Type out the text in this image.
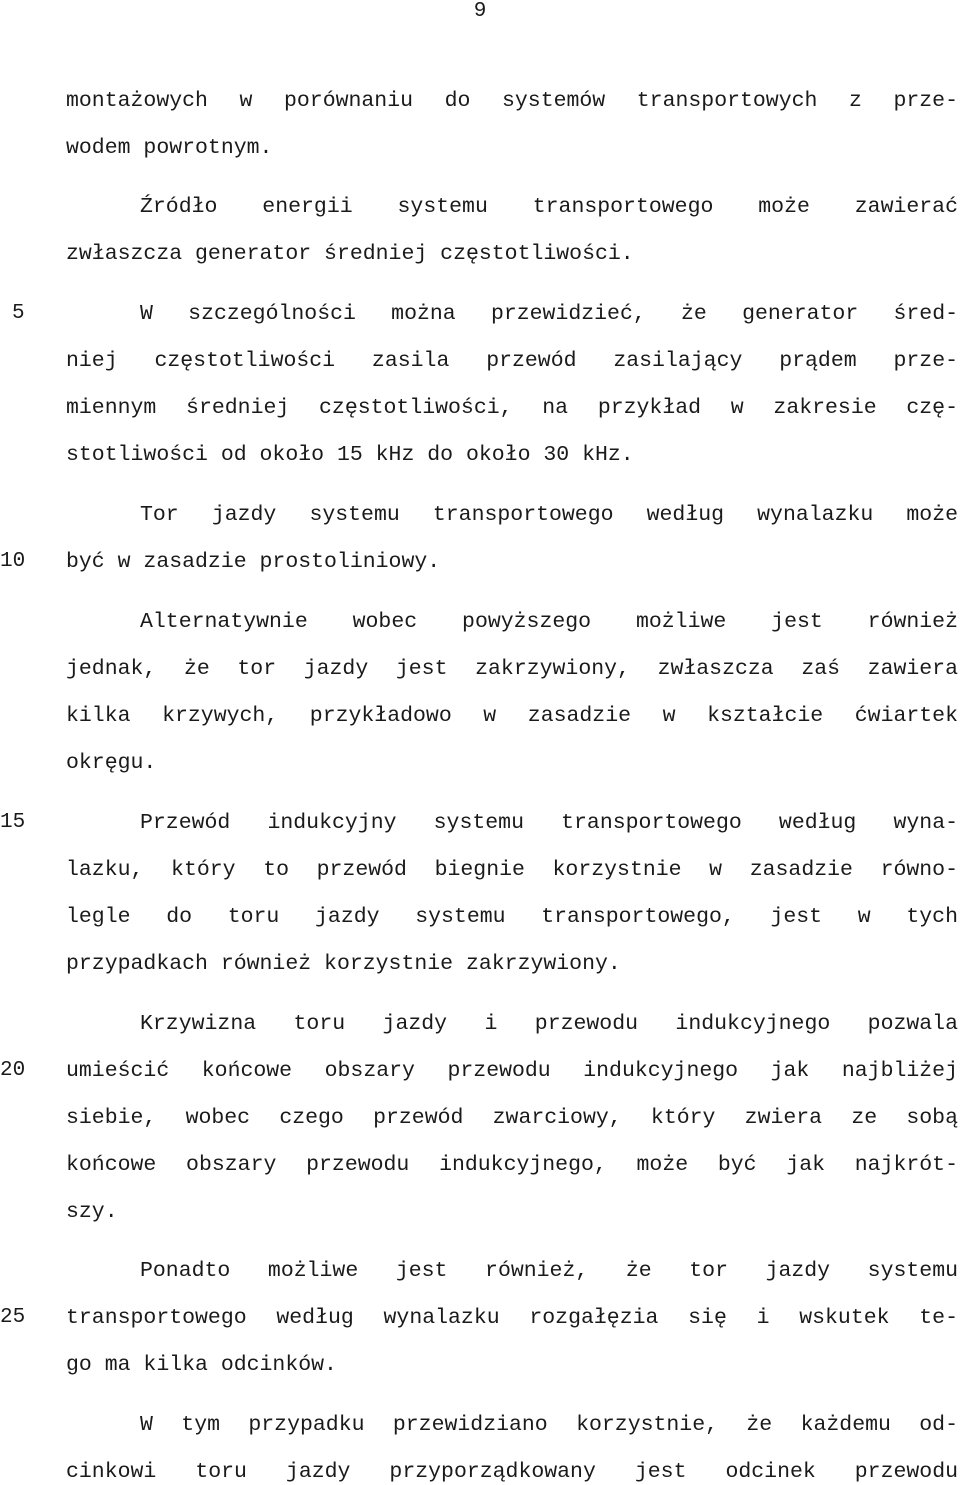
9
5
10
15
20
25

montażowych w porównaniu do systemów transportowych z prze-

wodem powrotnym.

Źródło energii systemu transportowego może zawierać

zwłaszcza generator średniej częstotliwości.

W szczególności można przewidzieć, że generator śred-

niej częstotliwości zasila przewód zasilający prądem prze-

miennym średniej częstotliwości, na przykład w zakresie czę-

stotliwości od około 15 kHz do około 30 kHz.

Tor jazdy systemu transportowego według wynalazku może

być w zasadzie prostoliniowy.

Alternatywnie wobec powyższego możliwe jest również

jednak, że tor jazdy jest zakrzywiony, zwłaszcza zaś zawiera

kilka krzywych, przykładowo w zasadzie w kształcie ćwiartek

okręgu.

Przewód indukcyjny systemu transportowego według wyna-

lazku, który to przewód biegnie korzystnie w zasadzie równo-

legle do toru jazdy systemu transportowego, jest w tych

przypadkach również korzystnie zakrzywiony.

Krzywizna toru jazdy i przewodu indukcyjnego pozwala

umieścić końcowe obszary przewodu indukcyjnego jak najbliżej

siebie, wobec czego przewód zwarciowy, który zwiera ze sobą

końcowe obszary przewodu indukcyjnego, może być jak najkrót-

szy.

Ponadto możliwe jest również, że tor jazdy systemu

transportowego według wynalazku rozgałęzia się i wskutek te-

go ma kilka odcinków.

W tym przypadku przewidziano korzystnie, że każdemu od-

cinkowi toru jazdy przyporządkowany jest odcinek przewodu
